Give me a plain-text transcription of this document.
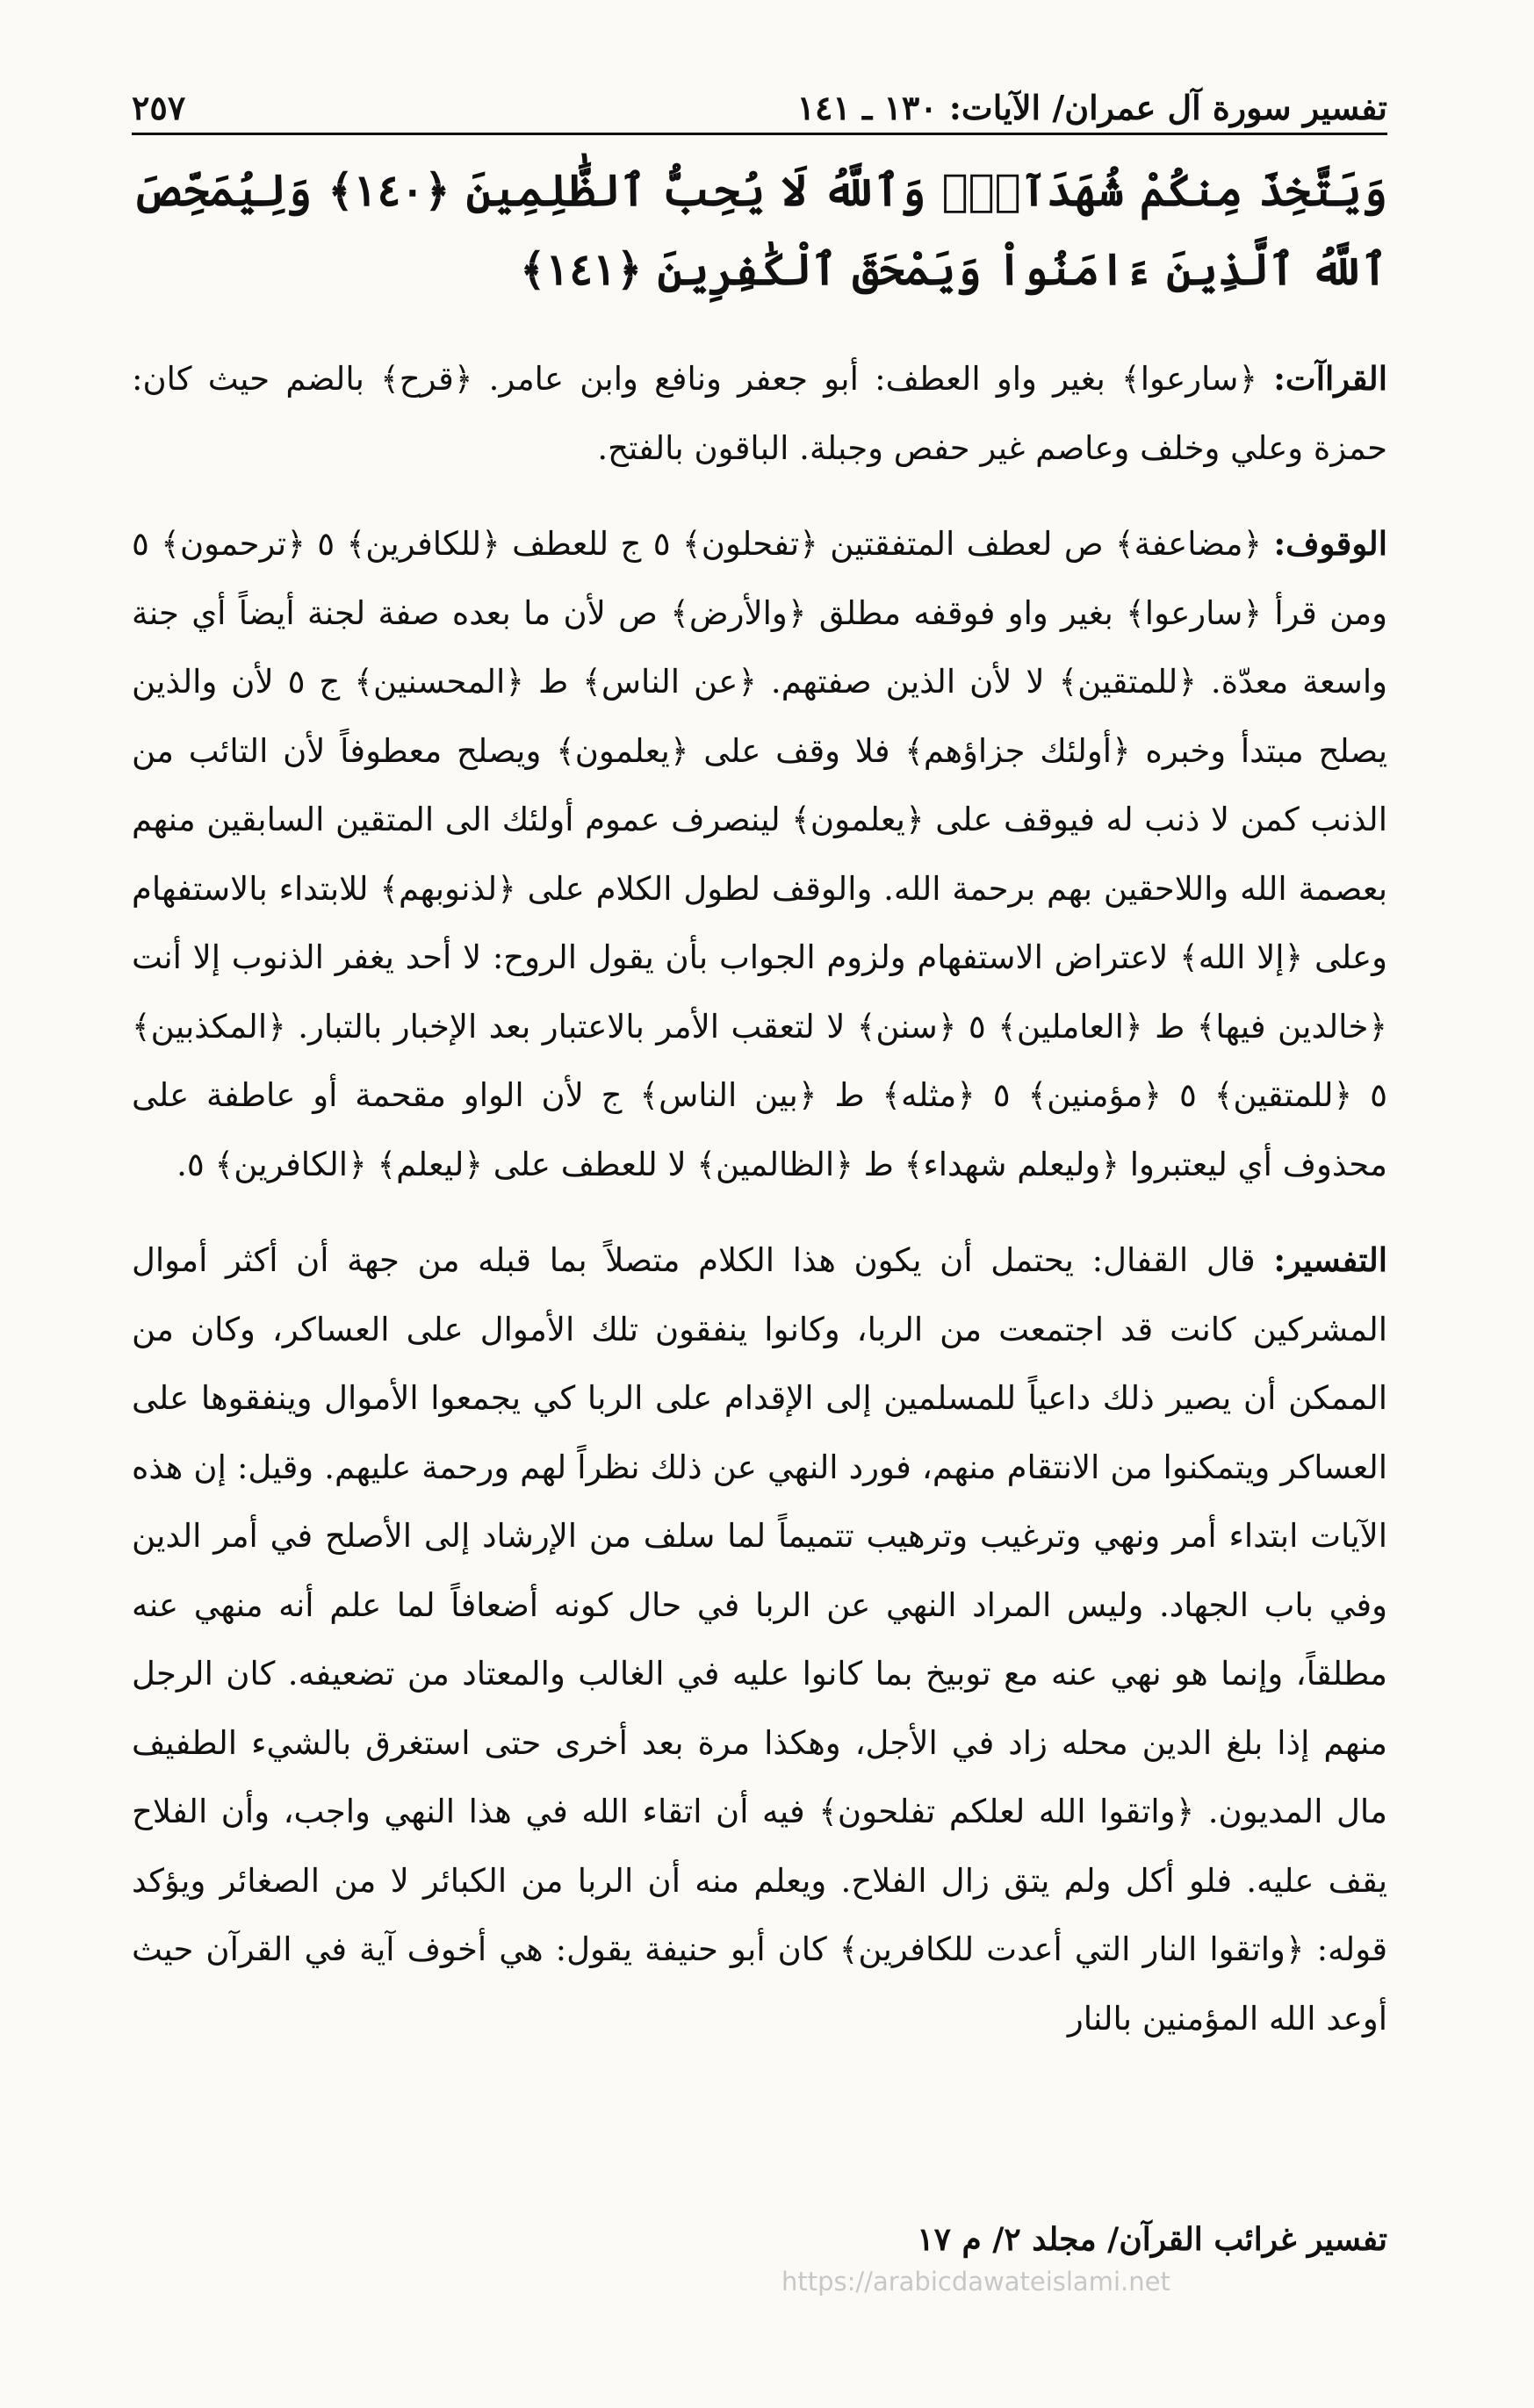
تفسير سورة آل عمران/ الآيات: ١٣٠ ـ ١٤١
٢٥٧
وَيَتَّخِذَ مِنكُمْ شُهَدَآءَۗ وَٱللَّهُ لَا يُحِبُّ ٱلظَّٰلِمِينَ ﴿١٤٠﴾ وَلِيُمَحِّصَ ٱللَّهُ ٱلَّذِينَ ءَامَنُواْ وَيَمْحَقَ ٱلْكَٰفِرِينَ ﴿١٤١﴾

القراآت: ﴿سارعوا﴾ بغير واو العطف: أبو جعفر ونافع وابن عامر. ﴿قرح﴾ بالضم حيث كان: حمزة وعلي وخلف وعاصم غير حفص وجبلة. الباقون بالفتح.

الوقوف: ﴿مضاعفة﴾ ص لعطف المتفقتين ﴿تفحلون﴾ ٥ ج للعطف ﴿للكافرين﴾ ٥ ﴿ترحمون﴾ ٥ ومن قرأ ﴿سارعوا﴾ بغير واو فوقفه مطلق ﴿والأرض﴾ ص لأن ما بعده صفة لجنة أيضاً أي جنة واسعة معدّة. ﴿للمتقين﴾ لا لأن الذين صفتهم. ﴿عن الناس﴾ ط ﴿المحسنين﴾ ج ٥ لأن والذين يصلح مبتدأ وخبره ﴿أولئك جزاؤهم﴾ فلا وقف على ﴿يعلمون﴾ ويصلح معطوفاً لأن التائب من الذنب كمن لا ذنب له فيوقف على ﴿يعلمون﴾ لينصرف عموم أولئك الى المتقين السابقين منهم بعصمة الله واللاحقين بهم برحمة الله. والوقف لطول الكلام على ﴿لذنوبهم﴾ للابتداء بالاستفهام وعلى ﴿إلا الله﴾ لاعتراض الاستفهام ولزوم الجواب بأن يقول الروح: لا أحد يغفر الذنوب إلا أنت ﴿خالدين فيها﴾ ط ﴿العاملين﴾ ٥ ﴿سنن﴾ لا لتعقب الأمر بالاعتبار بعد الإخبار بالتبار. ﴿المكذبين﴾ ٥ ﴿للمتقين﴾ ٥ ﴿مؤمنين﴾ ٥ ﴿مثله﴾ ط ﴿بين الناس﴾ ج لأن الواو مقحمة أو عاطفة على محذوف أي ليعتبروا ﴿وليعلم شهداء﴾ ط ﴿الظالمين﴾ لا للعطف على ﴿ليعلم﴾ ﴿الكافرين﴾ ٥.

التفسير: قال القفال: يحتمل أن يكون هذا الكلام متصلاً بما قبله من جهة أن أكثر أموال المشركين كانت قد اجتمعت من الربا، وكانوا ينفقون تلك الأموال على العساكر، وكان من الممكن أن يصير ذلك داعياً للمسلمين إلى الإقدام على الربا كي يجمعوا الأموال وينفقوها على العساكر ويتمكنوا من الانتقام منهم، فورد النهي عن ذلك نظراً لهم ورحمة عليهم. وقيل: إن هذه الآيات ابتداء أمر ونهي وترغيب وترهيب تتميماً لما سلف من الإرشاد إلى الأصلح في أمر الدين وفي باب الجهاد. وليس المراد النهي عن الربا في حال كونه أضعافاً لما علم أنه منهي عنه مطلقاً، وإنما هو نهي عنه مع توبيخ بما كانوا عليه في الغالب والمعتاد من تضعيفه. كان الرجل منهم إذا بلغ الدين محله زاد في الأجل، وهكذا مرة بعد أخرى حتى استغرق بالشيء الطفيف مال المديون. ﴿واتقوا الله لعلكم تفلحون﴾ فيه أن اتقاء الله في هذا النهي واجب، وأن الفلاح يقف عليه. فلو أكل ولم يتق زال الفلاح. ويعلم منه أن الربا من الكبائر لا من الصغائر ويؤكد قوله: ﴿واتقوا النار التي أعدت للكافرين﴾ كان أبو حنيفة يقول: هي أخوف آية في القرآن حيث أوعد الله المؤمنين بالنار

تفسير غرائب القرآن/ مجلد ٢/ م ١٧
https://arabicdawateislami.net
